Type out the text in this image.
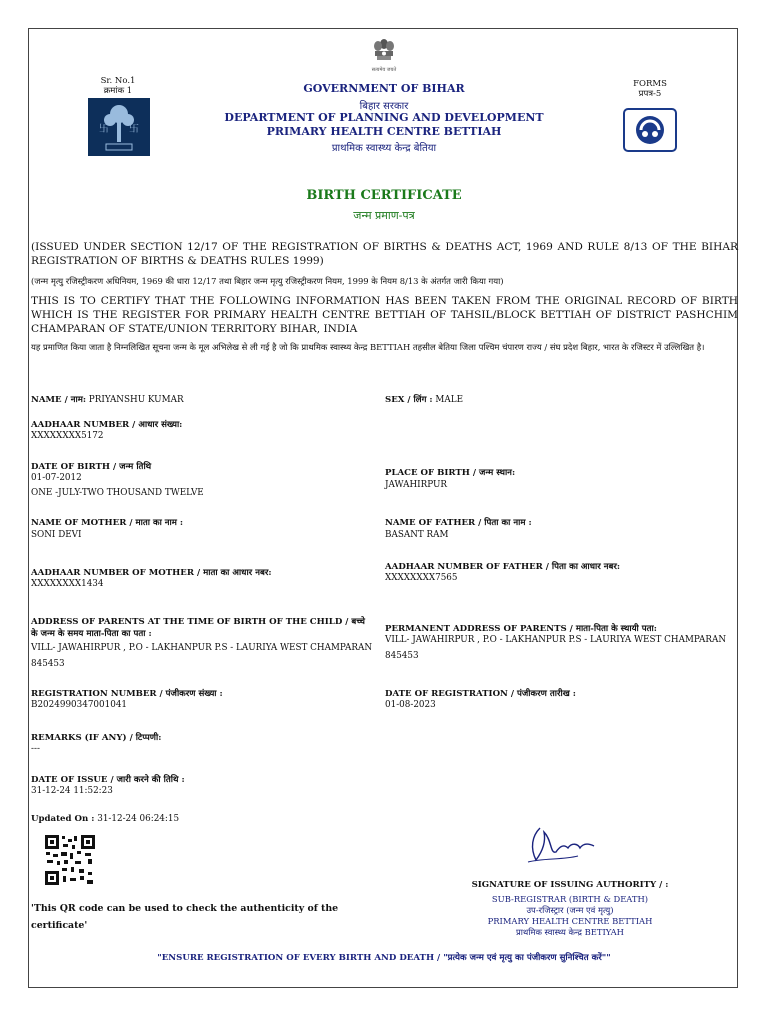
सत्यमेव जयते
Sr. No.1
क्रमांक 1
卐 卐
GOVERNMENT OF BIHAR
बिहार सरकार
DEPARTMENT OF PLANNING AND DEVELOPMENT
PRIMARY HEALTH CENTRE BETTIAH
प्राथमिक स्वास्थ्य केन्द्र बेतिया
FORMS
प्रपत्र-5
BIRTH CERTIFICATE
जन्म प्रमाण-पत्र
(ISSUED UNDER SECTION 12/17 OF THE REGISTRATION OF BIRTHS & DEATHS ACT, 1969 AND RULE 8/13 OF THE BIHAR REGISTRATION OF BIRTHS & DEATHS RULES 1999)
(जन्म मृत्यु रजिस्ट्रीकरण अधिनियम, 1969 की धारा 12/17 तथा बिहार जन्म मृत्यु रजिस्ट्रीकरण नियम, 1999 के नियम 8/13 के अंतर्गत जारी किया गया)
THIS IS TO CERTIFY THAT THE FOLLOWING INFORMATION HAS BEEN TAKEN FROM THE ORIGINAL RECORD OF BIRTH WHICH IS THE REGISTER FOR PRIMARY HEALTH CENTRE BETTIAH OF TAHSIL/BLOCK BETTIAH OF DISTRICT PASHCHIM CHAMPARAN OF STATE/UNION TERRITORY BIHAR, INDIA
यह प्रमाणित किया जाता है निम्नलिखित सूचना जन्म के मूल अभिलेख से ली गई है जो कि प्राथमिक स्वास्थ्य केन्द्र BETTIAH तहसील बेतिया जिला पश्चिम चंपारण राज्य / संघ प्रदेश बिहार, भारत के रजिस्टर में उल्लिखित है।
NAME / नाम: PRIYANSHU KUMAR	SEX / लिंग : MALE
AADHAAR NUMBER / आधार संख्या:
XXXXXXXX5172
DATE OF BIRTH / जन्म तिथि
01-07-2012
ONE -JULY-TWO THOUSAND TWELVE
PLACE OF BIRTH / जन्म स्थान:
JAWAHIRPUR
NAME OF MOTHER / माता का नाम :
SONI DEVI
NAME OF FATHER / पिता का नाम :
BASANT RAM
AADHAAR NUMBER OF MOTHER / माता का आधार नबर:
XXXXXXXX1434
AADHAAR NUMBER OF FATHER / पिता का आधार नबर:
XXXXXXXX7565
ADDRESS OF PARENTS AT THE TIME OF BIRTH OF THE CHILD / बच्चे के जन्म के समय माता-पिता का पता :
VILL- JAWAHIRPUR , P.O - LAKHANPUR P.S - LAURIYA WEST CHAMPARAN 845453
PERMANENT ADDRESS OF PARENTS / माता-पिता के स्थायी पता:
VILL- JAWAHIRPUR , P.O - LAKHANPUR P.S - LAURIYA WEST CHAMPARAN 845453
REGISTRATION NUMBER / पंजीकरण संख्या :
B2024990347001041
DATE OF REGISTRATION / पंजीकरण तारीख :
01-08-2023
REMARKS (IF ANY) / टिप्पणी:
---
DATE OF ISSUE / जारी करने की तिथि :
31-12-24 11:52:23
Updated On : 31-12-24 06:24:15
'This QR code can be used to check the authenticity of the certificate'
SIGNATURE OF ISSUING AUTHORITY / :
SUB-REGISTRAR (BIRTH & DEATH)
उप-रजिस्ट्रार (जन्म एवं मृत्यु)
PRIMARY HEALTH CENTRE BETTIAH
प्राथमिक स्वास्थ्य केन्द्र BETIYAH
"ENSURE REGISTRATION OF EVERY BIRTH AND DEATH / "प्रत्येक जन्म एवं मृत्यु का पंजीकरण सुनिश्चित करें""
